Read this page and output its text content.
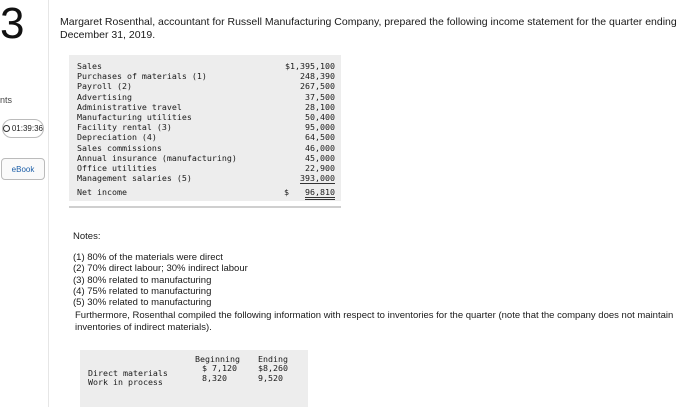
3
nts
01:39:36
eBook
Margaret Rosenthal, accountant for Russell Manufacturing Company, prepared the following income statement for the quarter ending December 31, 2019.
Sales	$1,395,100
Purchases of materials (1)	248,390
Payroll (2)	267,500
Advertising	37,500
Administrative travel	28,100
Manufacturing utilities	50,400
Facility rental (3)	95,000
Depreciation (4)	64,500
Sales commissions	46,000
Annual insurance (manufacturing)	45,000
Office utilities	22,900
Management salaries (5)	393,000
Net income	$ 96,810
Notes:
(1) 80% of the materials were direct
(2) 70% direct labour; 30% indirect labour
(3) 80% related to manufacturing
(4) 75% related to manufacturing
(5) 30% related to manufacturing
Furthermore, Rosenthal compiled the following information with respect to inventories for the quarter (note that the company does not maintain inventories of indirect materials).
Beginning Ending
Direct materials	$ 7,120	$8,260
Work in process	8,320	9,520
